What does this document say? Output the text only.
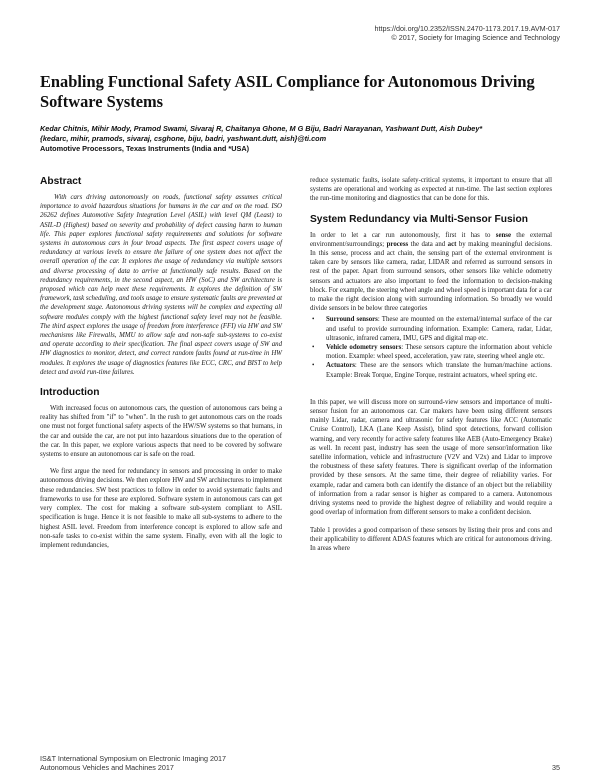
https://doi.org/10.2352/ISSN.2470-1173.2017.19.AVM-017
© 2017, Society for Imaging Science and Technology
Enabling Functional Safety ASIL Compliance for Autonomous Driving Software Systems
Kedar Chitnis, Mihir Mody, Pramod Swami, Sivaraj R, Chaitanya Ghone, M G Biju, Badri Narayanan, Yashwant Dutt, Aish Dubey*
{kedarc, mihir, pramods, sivaraj, csghone, biju, badri, yashwant.dutt, aish}@ti.com
Automotive Processors, Texas Instruments (India and *USA)
Abstract

With cars driving autonomously on roads, functional safety assumes critical importance to avoid hazardous situations for humans in the car and on the road. ISO 26262 defines Automotive Safety Integration Level (ASIL) with level QM (Least) to ASIL-D (Highest) based on severity and probability of defect causing harm to human life. This paper explores functional safety requirements and solutions for software systems in autonomous cars in four broad aspects. The first aspect covers usage of redundancy at various levels to ensure the failure of one system does not affect the overall operation of the car. It explores the usage of redundancy via multiple sensors and diverse processing of data to arrive at functionally safe results. Based on the redundancy requirements, in the second aspect, an HW (SoC) and SW architecture is proposed which can help meet these requirements. It explores the definition of SW framework, task scheduling, and tools usage to ensure systematic faults are prevented at the development stage. Autonomous driving systems will be complex and expecting all software modules comply with the highest functional safety level may not be feasible. The third aspect explores the usage of freedom from interference (FFI) via HW and SW mechanisms like Firewalls, MMU to allow safe and non-safe sub-systems to co-exist and operate according to their specification. The final aspect covers usage of SW and HW diagnostics to monitor, detect, and correct random faults found at run-time in HW modules. It explores the usage of diagnostics features like ECC, CRC, and BIST to help detect and avoid run-time failures.

Introduction

With increased focus on autonomous cars, the question of autonomous cars being a reality has shifted from "if" to "when". In the rush to get autonomous cars on the roads one must not forget functional safety aspects of the HW/SW systems so that humans, in the car and outside the car, are not put into hazardous situations due to the operation of the car. In this paper, we explore various aspects that need to be covered by software systems to ensure an autonomous car is safe on the road.

We first argue the need for redundancy in sensors and processing in order to make autonomous driving decisions. We then explore HW and SW architectures to implement these redundancies. SW best practices to follow in order to avoid systematic faults and frameworks to use for these are explored. Software system in autonomous cars can get very complex. The cost for making a software sub-system compliant to ASIL specification is huge. Hence it is not feasible to make all sub-systems to adhere to the highest ASIL level. Freedom from interference concept is explored to allow safe and non-safe tasks to co-exist within the same system. Finally, even with all the logic to implement redundancies,

reduce systematic faults, isolate safety-critical systems, it important to ensure that all systems are operational and working as expected at run-time. The last section explores the run-time monitoring and diagnostics that can be done for this.

System Redundancy via Multi-Sensor Fusion

In order to let a car run autonomously, first it has to sense the external environment/surroundings; process the data and act by making meaningful decisions. In this sense, process and act chain, the sensing part of the external environment is taken care by sensors like camera, radar, LIDAR and referred as surround sensors in rest of the paper. Apart from surround sensors, other sensors like vehicle odometry sensors and actuators are also important to feed the information to decision-making block. For example, the steering wheel angle and wheel speed is important data for a car to make the right decision along with surrounding information. So broadly we would divide sensors in be below three categories

• Surround sensors: These are mounted on the external/internal surface of the car and useful to provide surrounding information. Example: Camera, radar, Lidar, ultrasonic, infrared camera, IMU, GPS and digital map etc.
• Vehicle odometry sensors: These sensors capture the information about vehicle motion. Example: wheel speed, acceleration, yaw rate, steering wheel angle etc.
• Actuators: These are the sensors which translate the human/machine actions. Example: Break Torque, Engine Torque, restraint actuators, wheel spring etc.

In this paper, we will discuss more on surround-view sensors and importance of multi-sensor fusion for an autonomous car. Car makers have been using different sensors mainly Lidar, radar, camera and ultrasonic for safety features like ACC (Automatic Cruise Control), LKA (Lane Keep Assist), blind spot detections, forward collision warning, and very recently for active safety features like AEB (Auto-Emergency Brake) as well. In recent past, industry has seen the usage of more sensor/information like satellite information, vehicle and infrastructure (V2V and V2x) and Lidar to improve the robustness of these safety features. There is significant overlap of the information provided by these sensors. At the same time, their degree of reliability varies. For example, radar and camera both can identify the distance of an object but the reliability of information from a radar sensor is higher as compared to a camera. Autonomous driving systems need to provide the highest degree of reliability and would require a good overlap of information from different sensors to make a confident decision.

Table 1 provides a good comparison of these sensors by listing their pros and cons and their applicability to different ADAS features which are critical for autonomous driving. In areas where

IS&T International Symposium on Electronic Imaging 2017
Autonomous Vehicles and Machines 2017	35
